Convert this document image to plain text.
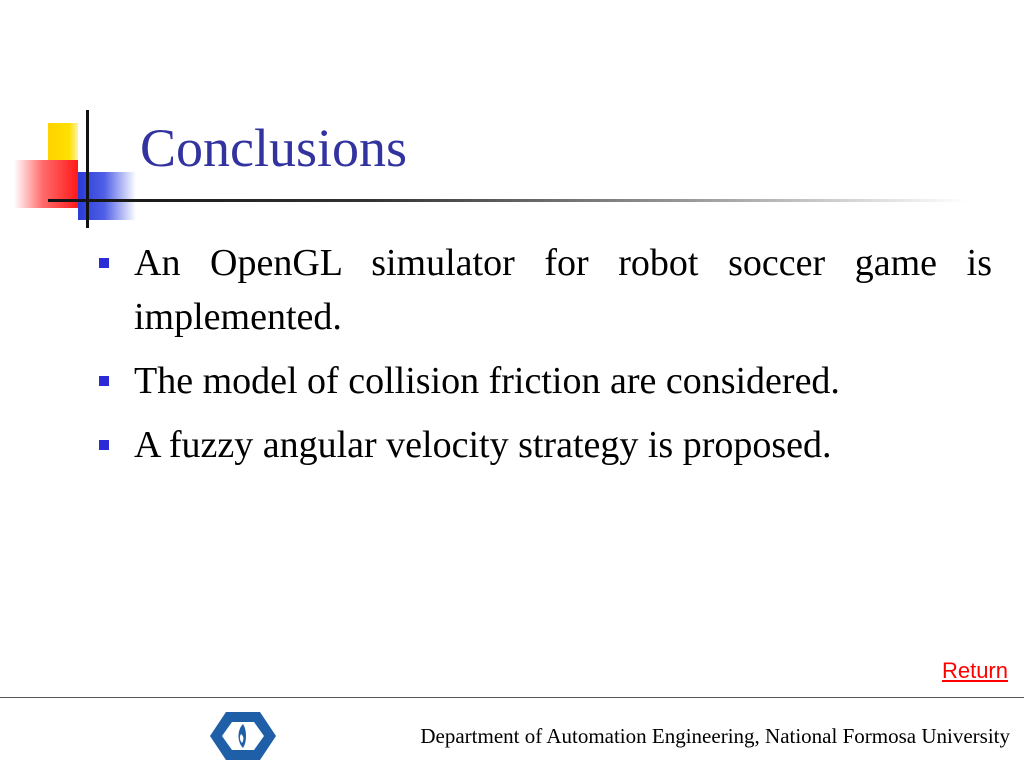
Conclusions
An OpenGL simulator for robot soccer game is implemented.
The model of collision friction are considered.
A fuzzy angular velocity strategy is proposed.
Return
Department of Automation Engineering, National Formosa University
